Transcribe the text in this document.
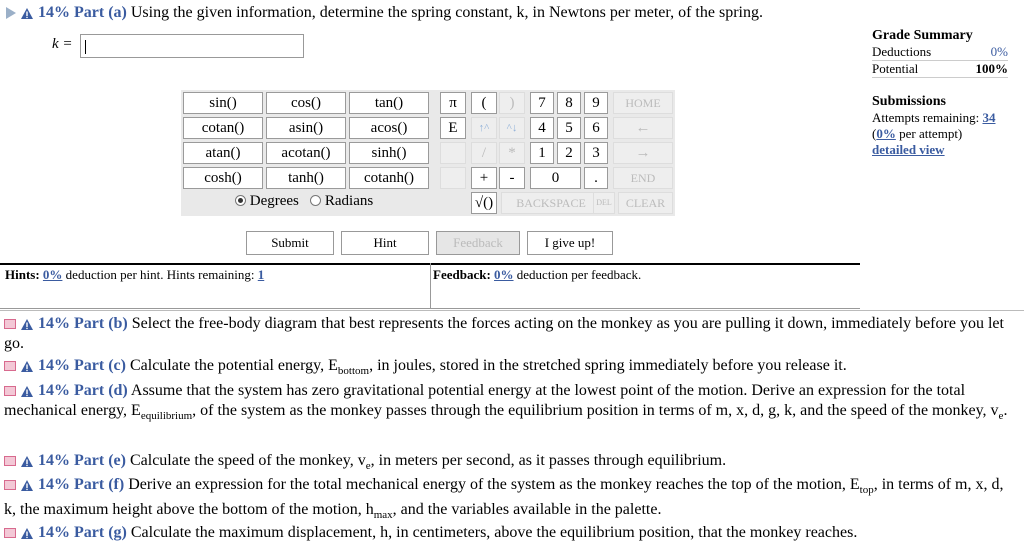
14% Part (a) Using the given information, determine the spring constant, k, in Newtons per meter, of the spring.
k =
sin()	cos()	tan()
cotan()	asin()	acos()
atan()	acotan()	sinh()
cosh()	tanh()	cotanh()
π
E
(	)
↑^	^↓
/	*
+	-
√()
7	8	9
4	5	6
1	2	3
0	.
HOME
←
→
END
BACKSPACE	DEL	CLEAR
Degrees Radians
Submit	Hint	Feedback	I give up!
Hints: 0% deduction per hint. Hints remaining: 1	Feedback: 0% deduction per feedback.
Grade Summary
Deductions	0%
Potential	100%
Submissions
Attempts remaining: 34
(0% per attempt)
detailed view
14% Part (b) Select the free-body diagram that best represents the forces acting on the monkey as you are pulling it down, immediately before you let go.
14% Part (c) Calculate the potential energy, $E_{bottom}$, in joules, stored in the stretched spring immediately before you release it.
14% Part (d) Assume that the system has zero gravitational potential energy at the lowest point of the motion. Derive an expression for the total mechanical energy, $E_{equilibrium}$, of the system as the monkey passes through the equilibrium position in terms of m, x, d, g, k, and the speed of the monkey, $v_e$.
14% Part (e) Calculate the speed of the monkey, $v_e$, in meters per second, as it passes through equilibrium.
14% Part (f) Derive an expression for the total mechanical energy of the system as the monkey reaches the top of the motion, $E_{top}$, in terms of m, x, d, k, the maximum height above the bottom of the motion, $h_{max}$, and the variables available in the palette.
14% Part (g) Calculate the maximum displacement, h, in centimeters, above the equilibrium position, that the monkey reaches.
